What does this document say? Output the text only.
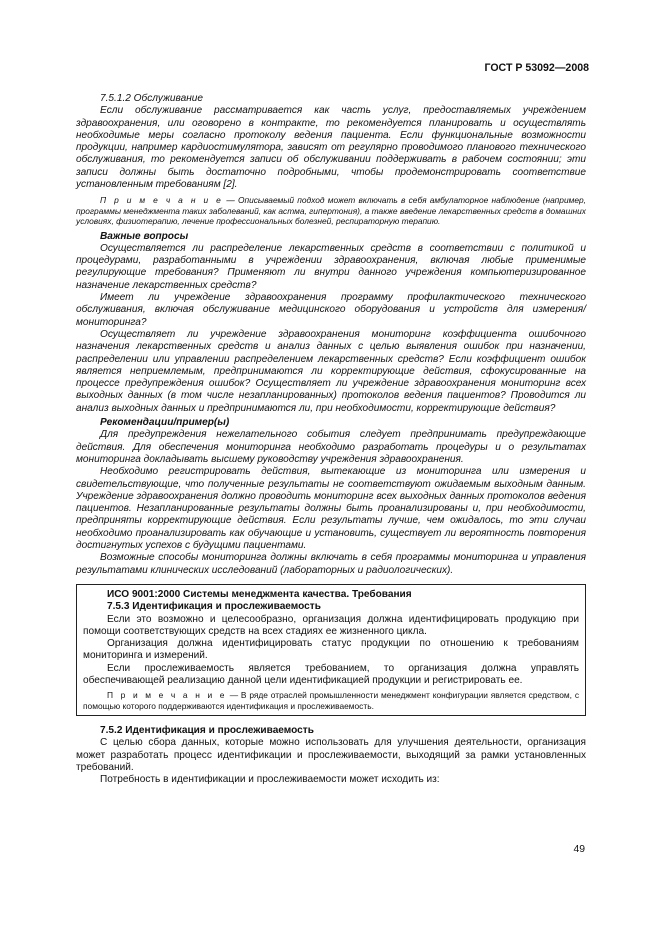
ГОСТ Р 53092—2008

7.5.1.2 Обслуживание

Если обслуживание рассматривается как часть услуг, предоставляемых учреждением здравоохранения, или оговорено в контракте, то рекомендуется планировать и осуществлять необходимые меры согласно протоколу ведения пациента. Если функциональные возможности продукции, например кардиостимулятора, зависят от регулярно проводимого планового технического обслуживания, то рекомендуется записи об обслуживании поддерживать в рабочем состоянии; эти записи должны быть достаточно подробными, чтобы продемонстрировать соответствие установленным требованиям [2].

П р и м е ч а н и е — Описываемый подход может включать в себя амбулаторное наблюдение (например, программы менеджмента таких заболеваний, как астма, гипертония), а также введение лекарственных средств в домашних условиях, физиотерапию, лечение профессиональных болезней, респираторную терапию.

Важные вопросы

Осуществляется ли распределение лекарственных средств в соответствии с политикой и процедурами, разработанными в учреждении здравоохранения, включая любые применимые регулирующие требования? Применяют ли внутри данного учреждения компьютеризированное назначение лекарственных средств?

Имеет ли учреждение здравоохранения программу профилактического технического обслуживания, включая обслуживание медицинского оборудования и устройств для измерения/мониторинга?

Осуществляет ли учреждение здравоохранения мониторинг коэффициента ошибочного назначения лекарственных средств и анализ данных с целью выявления ошибок при назначении, распределении или управлении распределением лекарственных средств? Если коэффициент ошибок является неприемлемым, предпринимаются ли корректирующие действия, сфокусированные на процессе предупреждения ошибок? Осуществляет ли учреждение здравоохранения мониторинг всех выходных данных (в том числе незапланированных) протоколов ведения пациентов? Проводится ли анализ выходных данных и предпринимаются ли, при необходимости, корректирующие действия?

Рекомендации/пример(ы)

Для предупреждения нежелательного события следует предпринимать предупреждающие действия. Для обеспечения мониторинга необходимо разработать процедуры и о результатах мониторинга докладывать высшему руководству учреждения здравоохранения.

Необходимо регистрировать действия, вытекающие из мониторинга или измерения и свидетельствующие, что полученные результаты не соответствуют ожидаемым выходным данным. Учреждение здравоохранения должно проводить мониторинг всех выходных данных протоколов ведения пациентов. Незапланированные результаты должны быть проанализированы и, при необходимости, предприняты корректирующие действия. Если результаты лучше, чем ожидалось, то эти случаи необходимо проанализировать как обучающие и установить, существует ли вероятность повторения достигнутых успехов с будущими пациентами.

Возможные способы мониторинга должны включать в себя программы мониторинга и управления результатами клинических исследований (лабораторных и радиологических).

ИСО 9001:2000 Системы менеджмента качества. Требования

7.5.3 Идентификация и прослеживаемость

Если это возможно и целесообразно, организация должна идентифицировать продукцию при помощи соответствующих средств на всех стадиях ее жизненного цикла.

Организация должна идентифицировать статус продукции по отношению к требованиям мониторинга и измерений.

Если прослеживаемость является требованием, то организация должна управлять обеспечивающей реализацию данной цели идентификацией продукции и регистрировать ее.

П р и м е ч а н и е — В ряде отраслей промышленности менеджмент конфигурации является средством, с помощью которого поддерживаются идентификация и прослеживаемость.

7.5.2 Идентификация и прослеживаемость

С целью сбора данных, которые можно использовать для улучшения деятельности, организация может разработать процесс идентификации и прослеживаемости, выходящий за рамки установленных требований.

Потребность в идентификации и прослеживаемости может исходить из:

49
